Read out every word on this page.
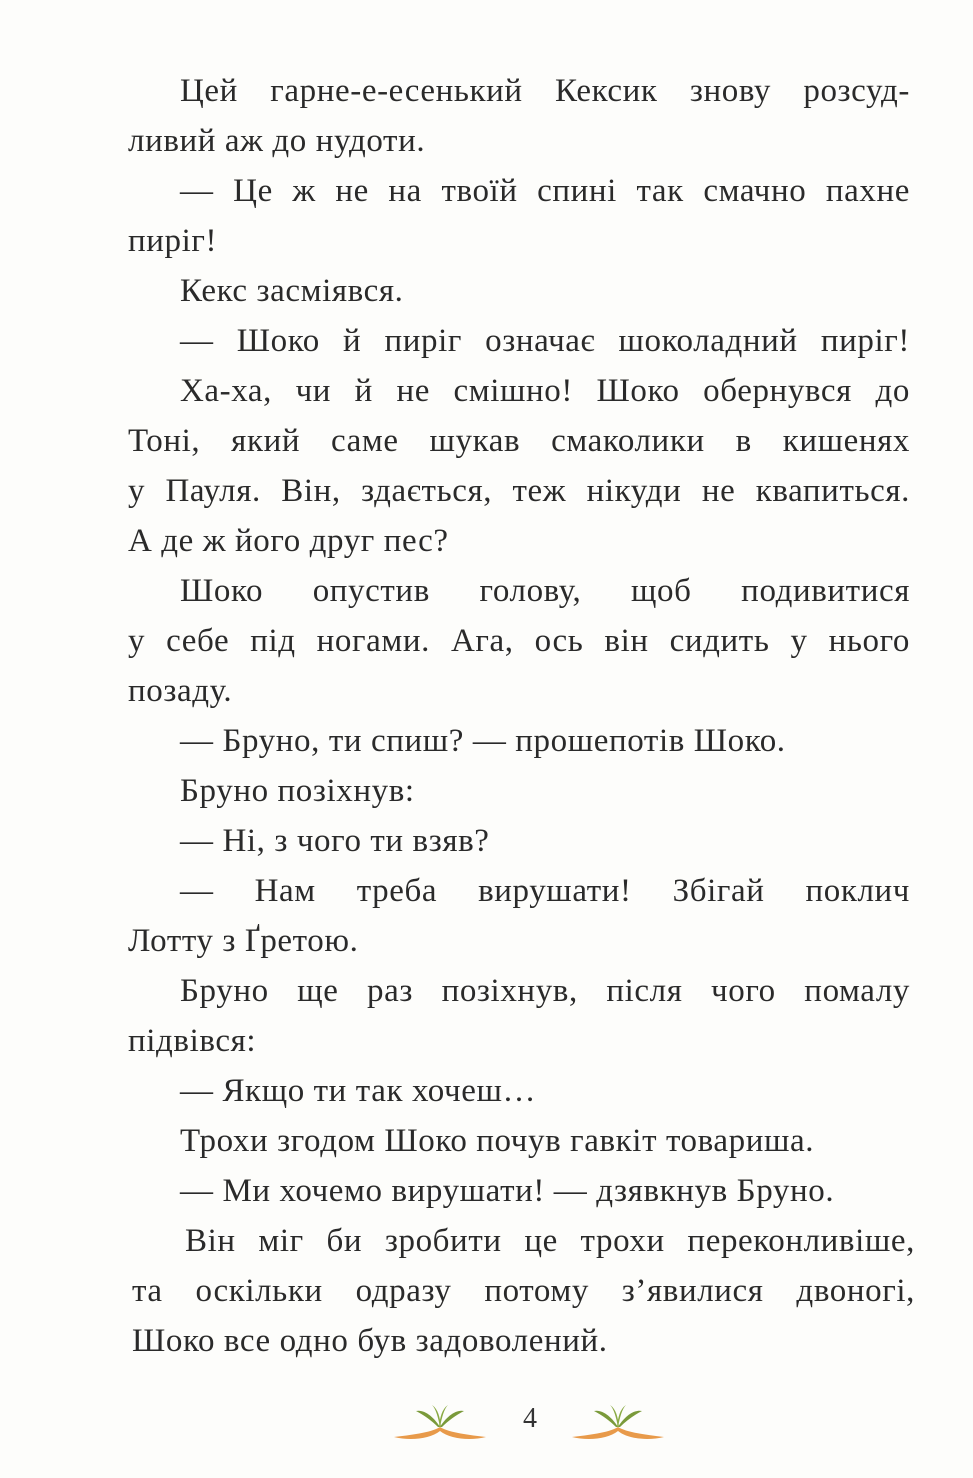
Цей гарне-е-есенький Кексик знову розсуд-
ливий аж до нудоти.
— Це ж не на твоїй спині так смачно пахне
пиріг!
Кекс засміявся.
— Шоко й пиріг означає шоколадний пиріг!
Ха-ха, чи й не смішно! Шоко обернувся до
Тоні, який саме шукав смаколики в кишенях
у Пауля. Він, здається, теж нікуди не квапиться.
А де ж його друг пес?
Шоко опустив голову, щоб подивитися
у себе під ногами. Ага, ось він сидить у нього
позаду.
— Бруно, ти спиш? — прошепотів Шоко.
Бруно позіхнув:
— Ні, з чого ти взяв?
— Нам треба вирушати! Збігай поклич
Лотту з Ґретою.
Бруно ще раз позіхнув, після чого помалу
підвівся:
— Якщо ти так хочеш…
Трохи згодом Шоко почув гавкіт товариша.
— Ми хочемо вирушати! — дзявкнув Бруно.
Він міг би зробити це трохи переконливіше,
та оскільки одразу потому з’явилися двоногі,
Шоко все одно був задоволений.
4
